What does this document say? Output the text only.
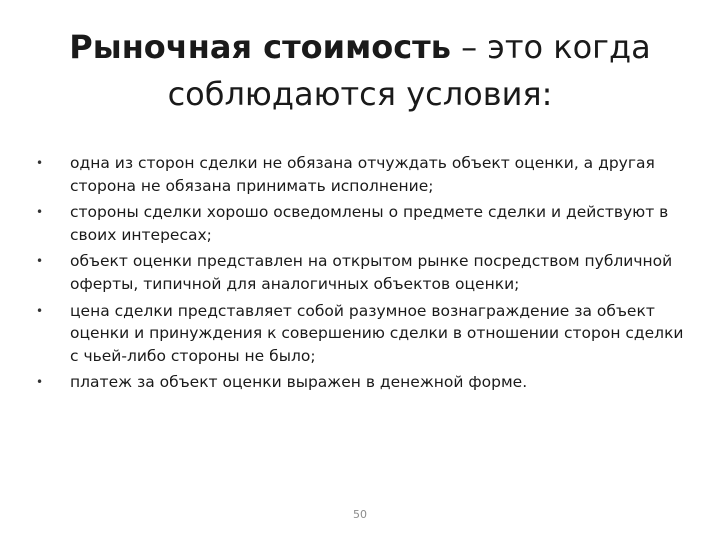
Рыночная стоимость – это когда
соблюдаются условия:
• одна из сторон сделки не обязана отчуждать объект оценки, а другая сторона не обязана принимать исполнение;
• стороны сделки хорошо осведомлены о предмете сделки и действуют в своих интересах;
• объект оценки представлен на открытом рынке посредством публичной оферты, типичной для аналогичных объектов оценки;
• цена сделки представляет собой разумное вознаграждение за объект оценки и принуждения к совершению сделки в отношении сторон сделки с чьей-либо стороны не было;
• платеж за объект оценки выражен в денежной форме.
50
